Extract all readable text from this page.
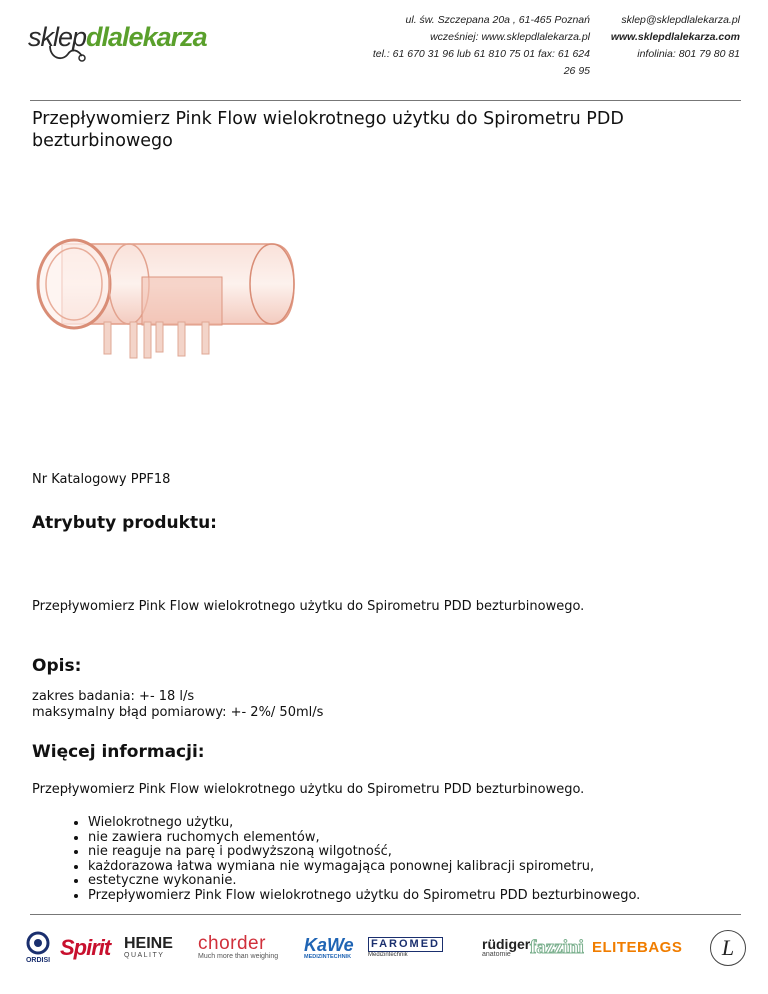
sklepdlalekarza
ul. św. Szczepana 20a , 61-465 Poznań
wcześniej: www.sklepdlalekarza.pl
tel.: 61 670 31 96 lub 61 810 75 01 fax: 61 624 26 95
sklep@sklepdlalekarza.pl
www.sklepdlalekarza.com
infolinia: 801 79 80 81
Przepływomierz Pink Flow wielokrotnego użytku do Spirometru PDD bezturbinowego

Nr Katalogowy PPF18

Atrybuty produktu:

Przepływomierz Pink Flow wielokrotnego użytku do Spirometru PDD bezturbinowego.

Opis:

zakres badania: +- 18 l/s

maksymalny błąd pomiarowy: +- 2%/ 50ml/s

Więcej informacji:

Przepływomierz Pink Flow wielokrotnego użytku do Spirometru PDD bezturbinowego.

• Wielokrotnego użytku,
• nie zawiera ruchomych elementów,
• nie reaguje na parę i podwyższoną wilgotność,
• każdorazowa łatwa wymiana nie wymagająca ponownej kalibracji spirometru,
• estetyczne wykonanie.
• Przepływomierz Pink Flow wielokrotnego użytku do Spirometru PDD bezturbinowego.
ORDISI
Spirit HEINE
QUALITY
chorder
Much more than weighing
KaWe
MEDIZINTECHNIK
FAROMED
Medizintechnik
rüdiger
anatomie fazzini ELITEBAGS L
